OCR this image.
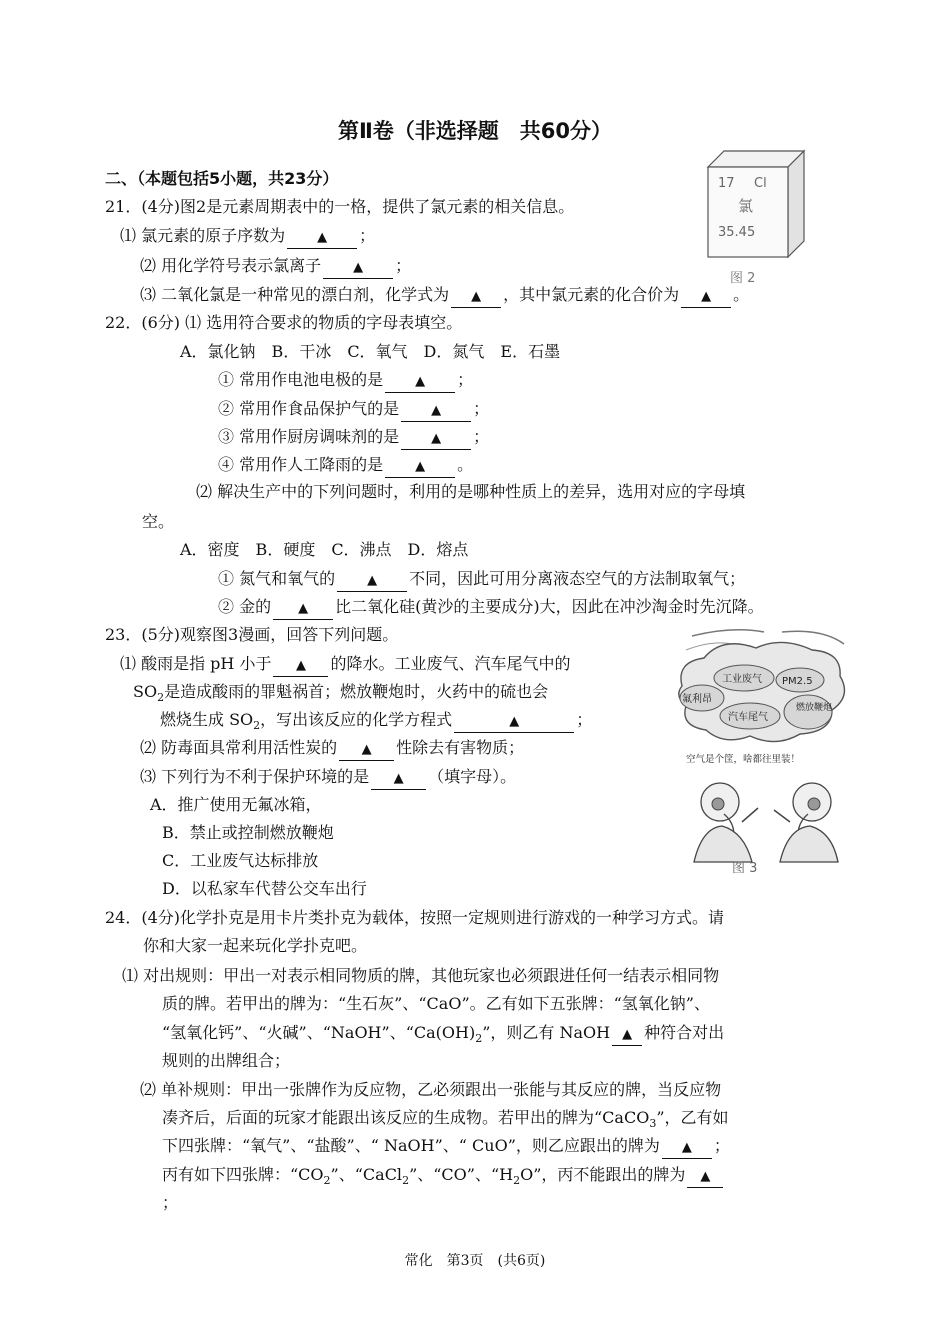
第Ⅱ卷（非选择题　共60分）
二、（本题包括5小题，共23分）
21．(4分)图2是元素周期表中的一格，提供了氯元素的相关信息。
⑴ 氯元素的原子序数为 ▲ ；
⑵ 用化学符号表示氯离子 ▲ ；
⑶ 二氧化氯是一种常见的漂白剂，化学式为 ▲ ，其中氯元素的化合价为 ▲ 。
17 Cl
氯
35.45
图 2
22．(6分) ⑴ 选用符合要求的物质的字母表填空。
A．氯化钠　B．干冰　C．氧气　D．氮气　E．石墨
① 常用作电池电极的是 ▲ ；
② 常用作食品保护气的是 ▲ ；
③ 常用作厨房调味剂的是 ▲ ；
④ 常用作人工降雨的是 ▲ 。
⑵ 解决生产中的下列问题时，利用的是哪种性质上的差异，选用对应的字母填
空。
A．密度　B．硬度　C．沸点　D．熔点
① 氮气和氧气的 ▲ 不同，因此可用分离液态空气的方法制取氧气；
② 金的 ▲ 比二氧化硅(黄沙的主要成分)大，因此在冲沙淘金时先沉降。
23．(5分)观察图3漫画，回答下列问题。
⑴ 酸雨是指 pH 小于 ▲ 的降水。工业废气、汽车尾气中的
$SO_2$是造成酸雨的罪魁祸首；燃放鞭炮时，火药中的硫也会
燃烧生成 $SO_2$，写出该反应的化学方程式	▲	；
⑵ 防毒面具常利用活性炭的 ▲ 性除去有害物质；
⑶ 下列行为不利于保护环境的是 ▲ （填字母）。
A．推广使用无氟冰箱，
B．禁止或控制燃放鞭炮
C．工业废气达标排放
D．以私家车代替公交车出行
工业废气 PM2.5
氟利昂
汽车尾气
燃放鞭炮
空气是个筐，啥都往里装！
图 3
24．(4分)化学扑克是用卡片类扑克为载体，按照一定规则进行游戏的一种学习方式。请
你和大家一起来玩化学扑克吧。
⑴ 对出规则：甲出一对表示相同物质的牌，其他玩家也必须跟进任何一结表示相同物
质的牌。若甲出的牌为：“生石灰”、“CaO”。乙有如下五张牌：“氢氧化钠”、
“氢氧化钙”、“火碱”、“NaOH”、“$Ca(OH)_2$”，则乙有 NaOH ▲ 种符合对出
规则的出牌组合；
⑵ 单补规则：甲出一张牌作为反应物，乙必须跟出一张能与其反应的牌，当反应物
凑齐后，后面的玩家才能跟出该反应的生成物。若甲出的牌为“CaCO$_3$”，乙有如
下四张牌：“氧气”、“盐酸”、“ NaOH”、“ CuO”，则乙应跟出的牌为 ▲ ；
丙有如下四张牌：“$CO_2$”、“CaCl$_2$”、“CO”、“$H_2O$”，丙不能跟出的牌为 ▲
；
常化　第3页　(共6页)
